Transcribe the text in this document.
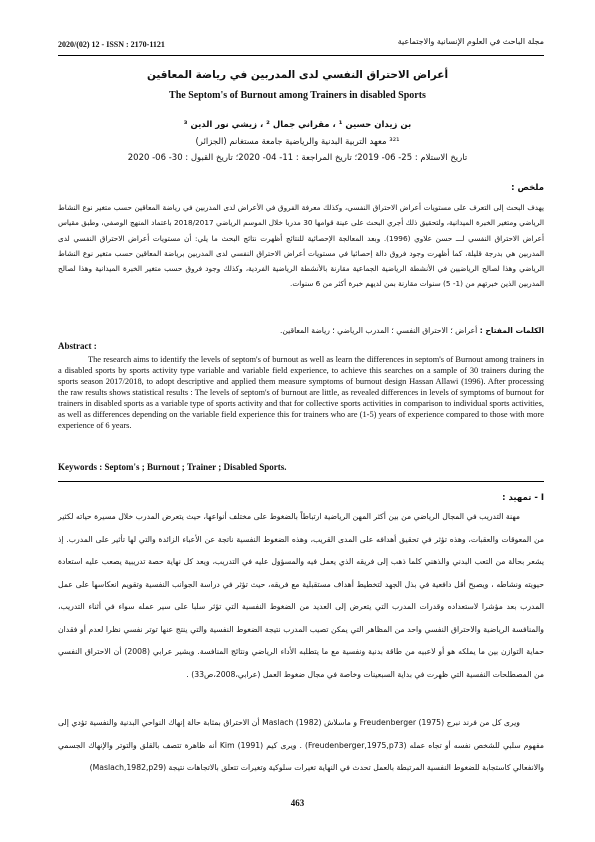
2020/(02) 12 - ISSN : 2170-1121	مجلة الباحث في العلوم الإنسانية والاجتماعية
أعراض الاحتراق النفسي لدى المدربين في رياضة المعاقين
The Septom's of Burnout among Trainers in disabled Sports
بن زيدان حسين ¹ ، مقراني جمال ² ، زيشي نور الدين ³
³²¹ معهد التربية البدنية والرياضية جامعة مستغانم (الجزائر)
تاريخ الاستلام : 25- 06- 2019؛ تاريخ المراجعة : 11- 04- 2020؛ تاريخ القبول : 30- 06- 2020
ملخص :
يهدف البحث إلى التعرف على مستويات أعراض الاحتراق النفسي، وكذلك معرفة الفروق في الأعراض لدى المدربين في رياضة المعاقين حسب متغير نوع النشاط الرياضي ومتغير الخبرة الميدانية، ولتحقيق ذلك أجري البحث على عينة قوامها 30 مدربا خلال الموسم الرياضي 2018/2017 باعتماد المنهج الوصفي، وطبق مقياس أعراض الاحتراق النفسي لـــ حسن علاوي (1996). وبعد المعالجة الإحصائية للنتائج أظهرت نتائج البحث ما يلي: أن مستويات أعراض الاحتراق النفسي لدى المدربين هي بدرجة قليلة، كما أظهرت وجود فروق دالة إحصائيا في مستويات أعراض الاحتراق النفسي لدى المدربين برياضة المعاقين حسب متغير نوع النشاط الرياضي وهذا لصالح الرياضيين في الأنشطة الرياضية الجماعية مقارنة بالأنشطة الرياضية الفردية، وكذلك وجود فروق حسب متغير الخبرة الميدانية وهذا لصالح المدربين الذين خبرتهم من (1- 5) سنوات مقارنة بمن لديهم خبرة أكثر من 6 سنوات.
الكلمات المفتاح : أعراض ؛ الاحتراق النفسي ؛ المدرب الرياضي ؛ رياضة المعاقين.
Abstract :
The research aims to identify the levels of septom's of burnout as well as learn the differences in septom's of Burnout among trainers in a disabled sports by sports activity type variable and variable field experience, to achieve this searches on a sample of 30 trainers during the sports season 2017/2018, to adopt descriptive and applied them measure symptoms of burnout design Hassan Allawi (1996). After processing the raw results shows statistical results : The levels of septom's of burnout are little, as revealed differences in levels of symptoms of burnout for trainers in disabled sports as a variable type of sports activity and that for collective sports activities in comparison to individual sports activities, as well as differences depending on the variable field experience this for trainers who are (1-5) years of experience compared to those with more experience of 6 years.
Keywords : Septom's ; Burnout ; Trainer ; Disabled Sports.
I - تمهيد :
مهنة التدريب في المجال الرياضي من بين أكثر المهن الرياضية ارتباطاً بالضغوط على مختلف أنواعها، حيث يتعرض المدرب خلال مسيرة حياته لكثير من المعوقات والعقبات، وهذه تؤثر في تحقيق أهدافه على المدى القريب، وهذه الضغوط النفسية ناتجة عن الأعباء الزائدة والتي لها تأثير على المدرب. إذ يشعر بحالة من التعب البدني والذهني كلما ذهب إلى فريقه الذي يعمل فيه والمسؤول عليه في التدريب، ويعد كل نهاية حصة تدريبية يصعب عليه استعادة حيويته ونشاطه ، ويصبح أقل دافعية في بذل الجهد لتخطيط أهداف مستقبلية مع فريقه، حيث تؤثر في دراسة الجوانب النفسية وتقويم انعكاسها على عمل المدرب بعد مؤشرا لاستعداده وقدرات المدرب التي يتعرض إلى العديد من الضغوط النفسية التي تؤثر سلبا على سير عمله سواء في أثناء التدريب، والمنافسة الرياضية والاحتراق النفسي واحد من المظاهر التي يمكن تصيب المدرب نتيجة الضغوط النفسية والتي ينتج عنها توتر نفسي نظرا لعدم أو فقدان حماية التوازن بين ما يملكه هو أو لاعبيه من طاقة بدنية ونفسية مع ما يتطلبه الأداء الرياضي ونتائج المنافسة. ويشير عرابي (2008) أن الاحتراق النفسي من المصطلحات النفسية التي ظهرت في بداية السبعينات وخاصة في مجال ضغوط العمل (عرابي،2008،ص33) .
ويرى كل من فرند نبرج Freudenberger (1975) و ماسلاش Maslach (1982) أن الاحتراق بمثابة حالة إنهاك النواحي البدنية والنفسية تؤدي إلى مفهوم سلبي للشخص نفسه أو تجاه عمله (Freudenberger,1975,p73) . ويرى كيم Kim (1991) أنه ظاهرة تتصف بالقلق والتوتر والإنهاك الجسمي والانفعالي كاستجابة للضغوط النفسية المرتبطة بالعمل تحدث في النهاية تغيرات سلوكية وتغيرات تتعلق بالاتجاهات نتيجة (Maslach,1982,p29)
463
